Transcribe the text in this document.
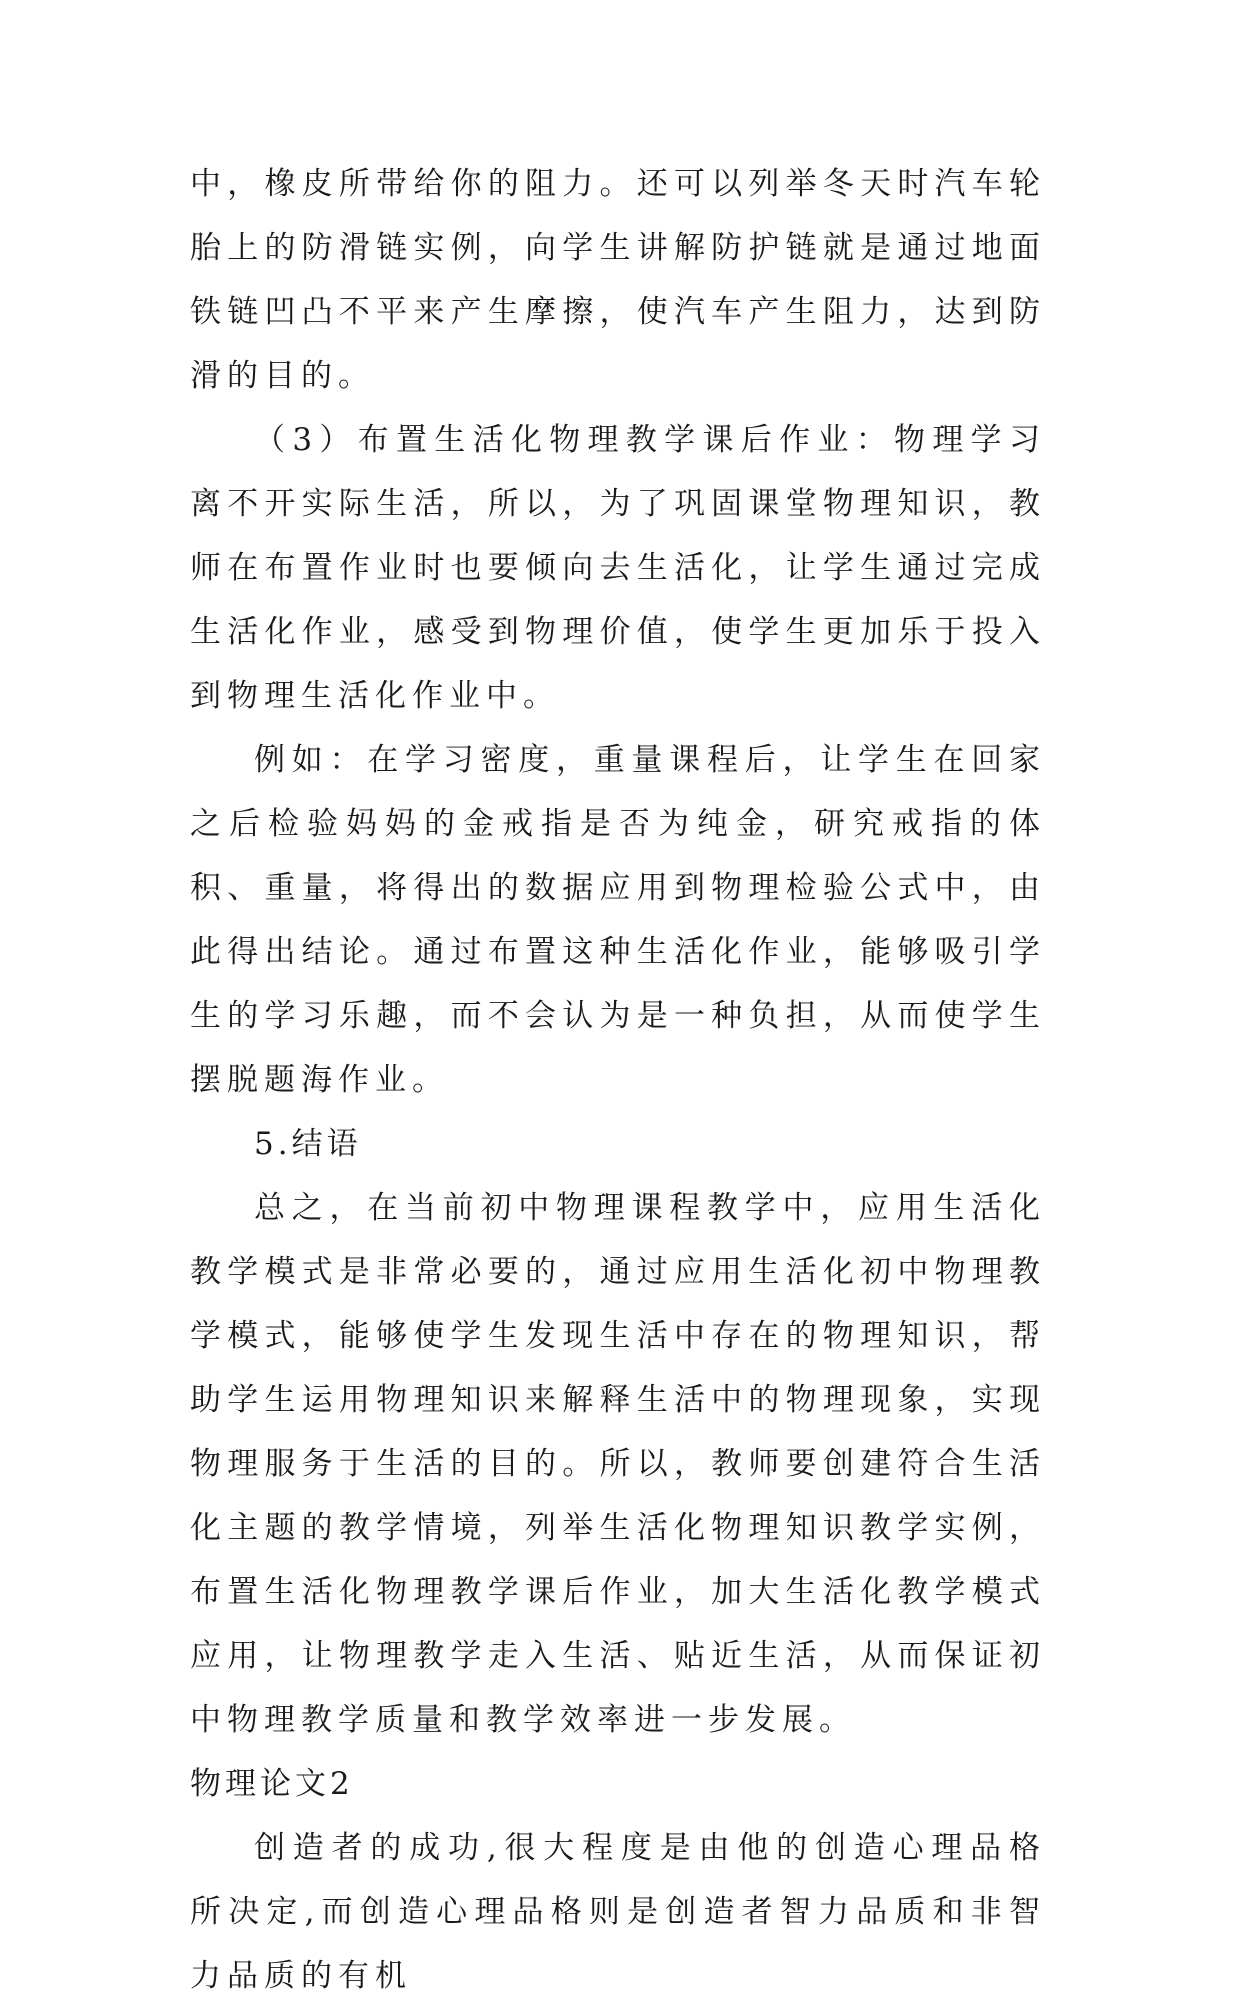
中，橡皮所带给你的阻力。还可以列举冬天时汽车轮胎上的防滑链实例，向学生讲解防护链就是通过地面铁链凹凸不平来产生摩擦，使汽车产生阻力，达到防滑的目的。

（3）布置生活化物理教学课后作业：物理学习离不开实际生活，所以，为了巩固课堂物理知识，教师在布置作业时也要倾向去生活化，让学生通过完成生活化作业，感受到物理价值，使学生更加乐于投入到物理生活化作业中。

例如：在学习密度，重量课程后，让学生在回家之后检验妈妈的金戒指是否为纯金，研究戒指的体积、重量，将得出的数据应用到物理检验公式中，由此得出结论。通过布置这种生活化作业，能够吸引学生的学习乐趣，而不会认为是一种负担，从而使学生摆脱题海作业。

5.结语

总之，在当前初中物理课程教学中，应用生活化教学模式是非常必要的，通过应用生活化初中物理教学模式，能够使学生发现生活中存在的物理知识，帮助学生运用物理知识来解释生活中的物理现象，实现物理服务于生活的目的。所以，教师要创建符合生活化主题的教学情境，列举生活化物理知识教学实例，布置生活化物理教学课后作业，加大生活化教学模式应用，让物理教学走入生活、贴近生活，从而保证初中物理教学质量和教学效率进一步发展。

物理论文2

创造者的成功,很大程度是由他的创造心理品格所决定,而创造心理品格则是创造者智力品质和非智力品质的有机
